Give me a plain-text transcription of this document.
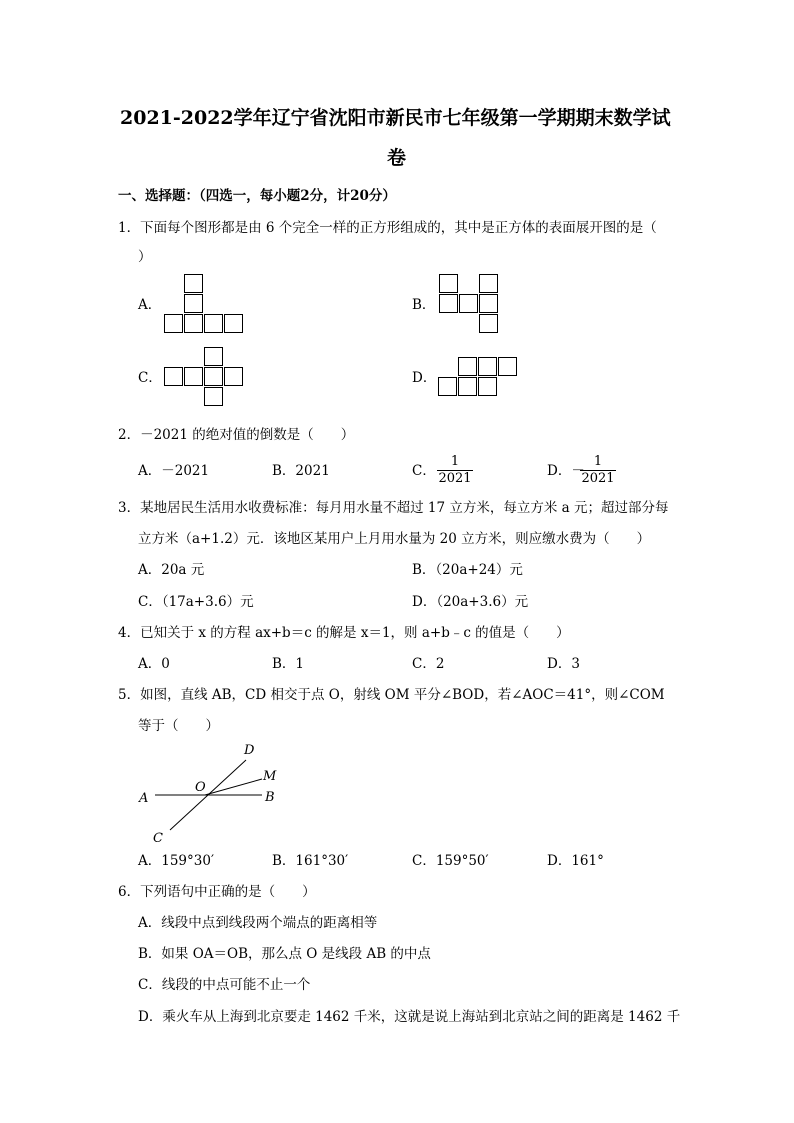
2021-2022学年辽宁省沈阳市新民市七年级第一学期期末数学试
卷
一、选择题：（四选一，每小题2分，计20分）
1．下面每个图形都是由 6 个完全一样的正方形组成的，其中是正方体的表面展开图的是（
）
A．	B．
C．	D．
2．－2021 的绝对值的倒数是（　　）
A．－2021	B．2021	C． $\frac{1}{2021}$	D．－
$\frac{1}{2021}$
3．某地居民生活用水收费标准：每月用水量不超过 17 立方米，每立方米 a 元；超过部分每
立方米（a+1.2）元．该地区某用户上月用水量为 20 立方米，则应缴水费为（　　）
A．20a 元	B．（20a+24）元
C．（17a+3.6）元	D．（20a+3.6）元
4．已知关于 x 的方程 ax+b＝c 的解是 x＝1，则 a+b﹣c 的值是（　　）
A．0	B．1	C．2	D．3
5．如图，直线 AB，CD 相交于点 O，射线 OM 平分∠BOD，若∠AOC＝41°，则∠COM
等于（　　）
A	B
C
D
O
M
A．159°30′	B．161°30′	C．159°50′	D．161°
6．下列语句中正确的是（　　）
A．线段中点到线段两个端点的距离相等
B．如果 OA＝OB，那么点 O 是线段 AB 的中点
C．线段的中点可能不止一个
D．乘火车从上海到北京要走 1462 千米，这就是说上海站到北京站之间的距离是 1462 千
